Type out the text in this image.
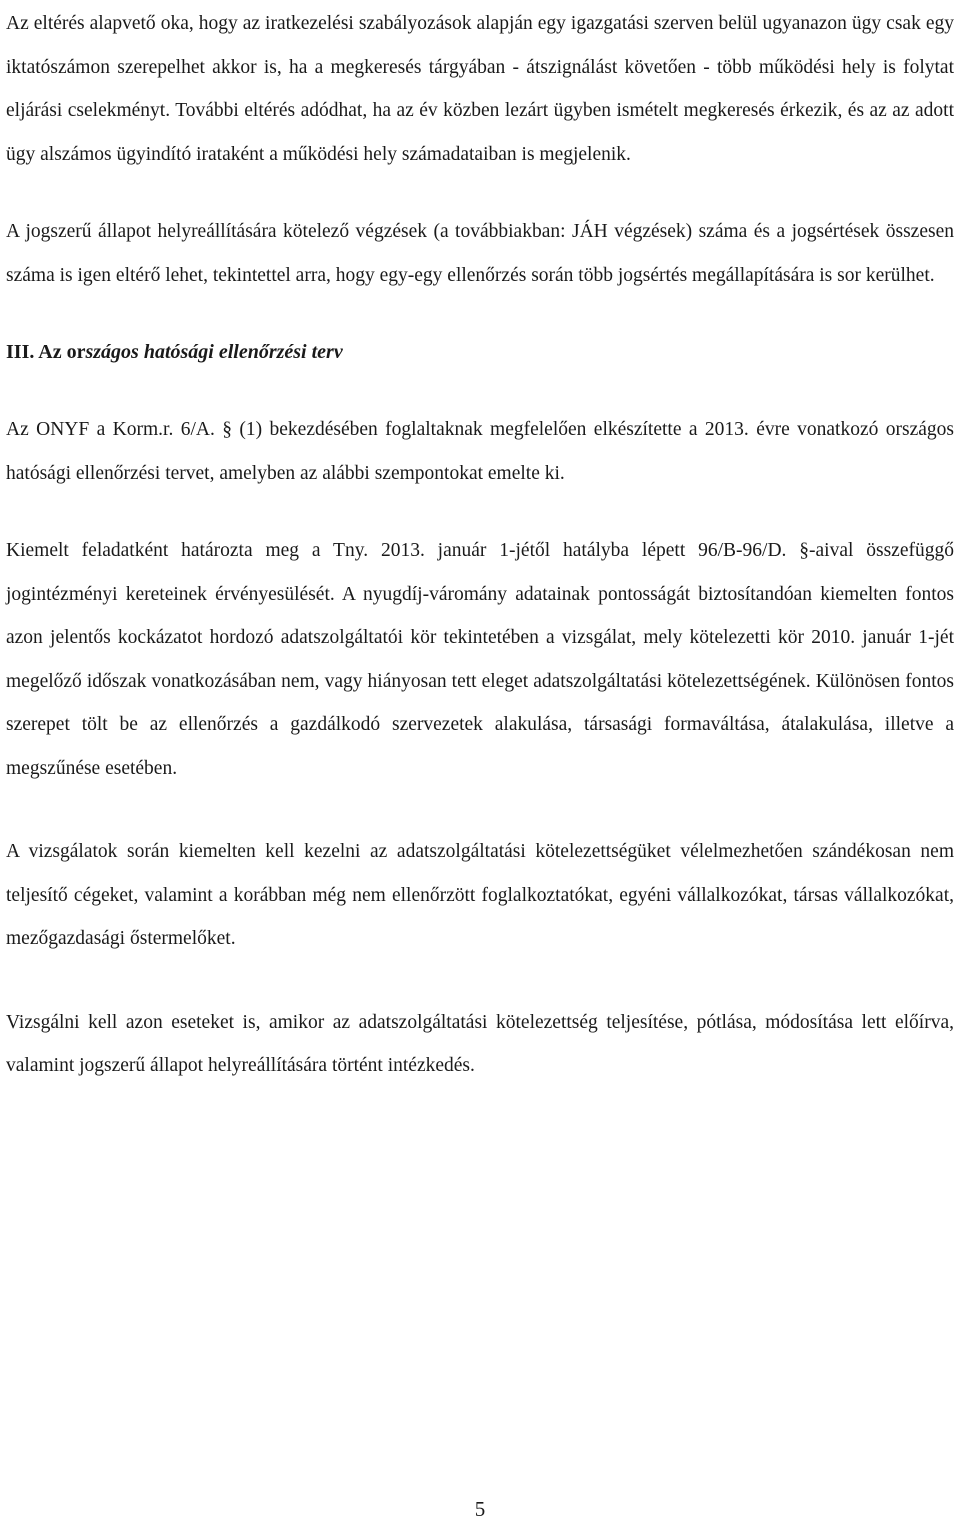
Az eltérés alapvető oka, hogy az iratkezelési szabályozások alapján egy igazgatási szerven belül ugyanazon ügy csak egy iktatószámon szerepelhet akkor is, ha a megkeresés tárgyában - átszignálást követően - több működési hely is folytat eljárási cselekményt. További eltérés adódhat, ha az év közben lezárt ügyben ismételt megkeresés érkezik, és az az adott ügy alszámos ügyindító irataként a működési hely számadataiban is megjelenik.

A jogszerű állapot helyreállítására kötelező végzések (a továbbiakban: JÁH végzések) száma és a jogsértések összesen száma is igen eltérő lehet, tekintettel arra, hogy egy-egy ellenőrzés során több jogsértés megállapítására is sor kerülhet.

III. Az országos hatósági ellenőrzési terv

Az ONYF a Korm.r. 6/A. § (1) bekezdésében foglaltaknak megfelelően elkészítette a 2013. évre vonatkozó országos hatósági ellenőrzési tervet, amelyben az alábbi szempontokat emelte ki.

Kiemelt feladatként határozta meg a Tny. 2013. január 1-jétől hatályba lépett 96/B-96/D. §-aival összefüggő jogintézményi kereteinek érvényesülését. A nyugdíj-váromány adatainak pontosságát biztosítandóan kiemelten fontos azon jelentős kockázatot hordozó adatszolgáltatói kör tekintetében a vizsgálat, mely kötelezetti kör 2010. január 1-jét megelőző időszak vonatkozásában nem, vagy hiányosan tett eleget adatszolgáltatási kötelezettségének. Különösen fontos szerepet tölt be az ellenőrzés a gazdálkodó szervezetek alakulása, társasági formaváltása, átalakulása, illetve a megszűnése esetében.

A vizsgálatok során kiemelten kell kezelni az adatszolgáltatási kötelezettségüket vélelmezhetően szándékosan nem teljesítő cégeket, valamint a korábban még nem ellenőrzött foglalkoztatókat, egyéni vállalkozókat, társas vállalkozókat, mezőgazdasági őstermelőket.

Vizsgálni kell azon eseteket is, amikor az adatszolgáltatási kötelezettség teljesítése, pótlása, módosítása lett előírva, valamint jogszerű állapot helyreállítására történt intézkedés.

5
